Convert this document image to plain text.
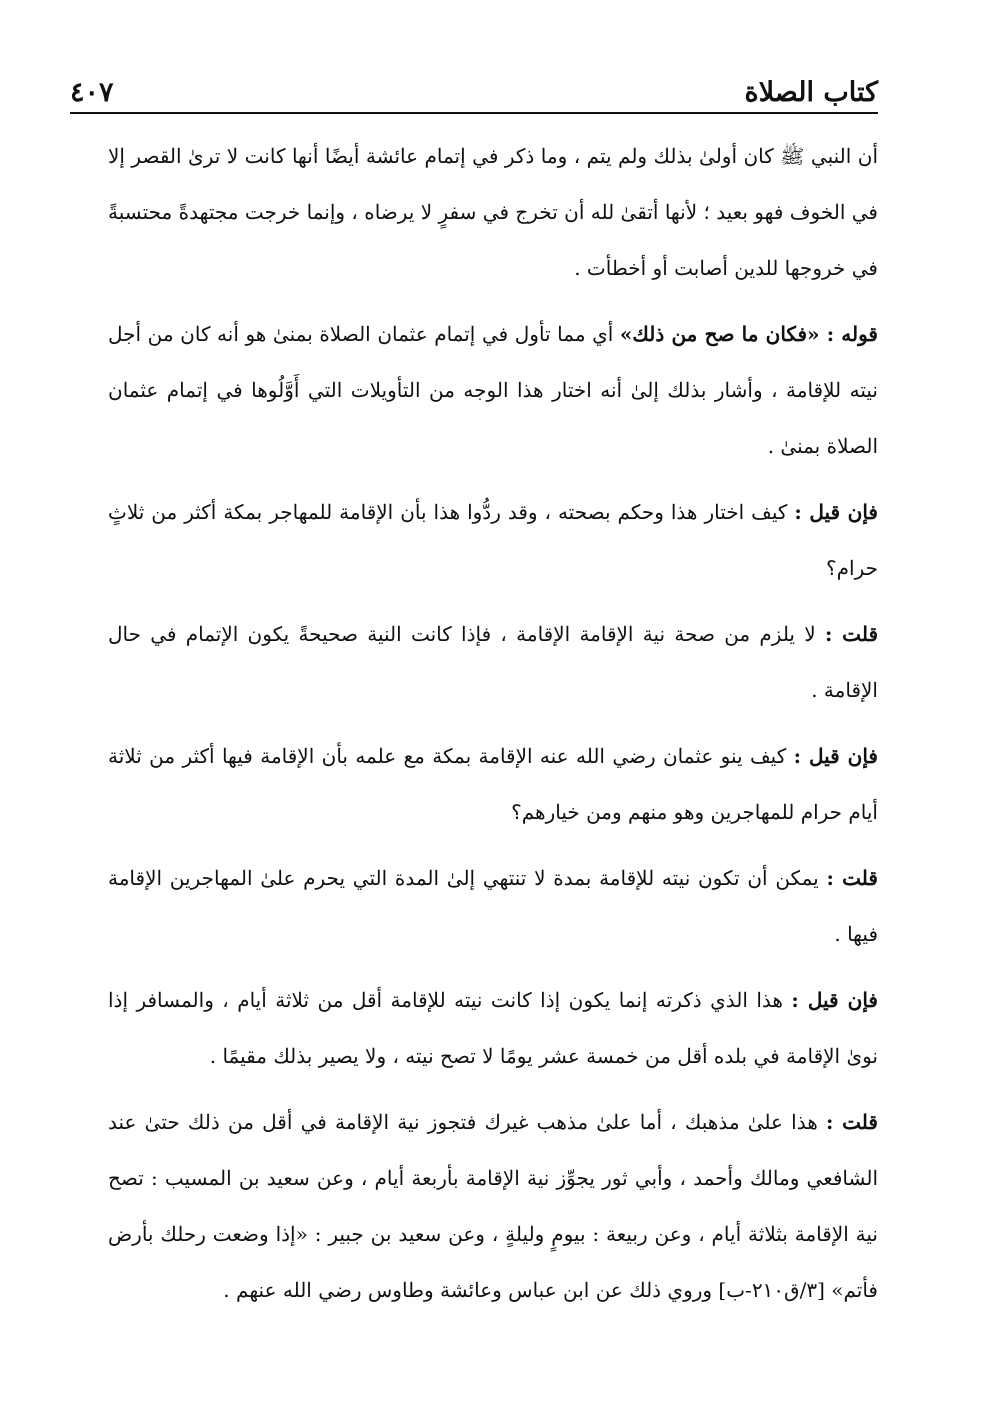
كتاب الصلاة
٤٠٧

أن النبي ﷺ كان أولىٰ بذلك ولم يتم ، وما ذكر في إتمام عائشة أيضًا أنها كانت لا ترىٰ القصر إلا في الخوف فهو بعيد ؛ لأنها أتقىٰ لله أن تخرج في سفرٍ لا يرضاه ، وإنما خرجت مجتهدةً محتسبةً في خروجها للدين أصابت أو أخطأت .

قوله : «فكان ما صح من ذلك» أي مما تأول في إتمام عثمان الصلاة بمنىٰ هو أنه كان من أجل نيته للإقامة ، وأشار بذلك إلىٰ أنه اختار هذا الوجه من التأويلات التي أَوَّلُوها في إتمام عثمان الصلاة بمنىٰ .

فإن قيل : كيف اختار هذا وحكم بصحته ، وقد ردُّوا هذا بأن الإقامة للمهاجر بمكة أكثر من ثلاثٍ حرام؟

قلت : لا يلزم من صحة نية الإقامة الإقامة ، فإذا كانت النية صحيحةً يكون الإتمام في حال الإقامة .

فإن قيل : كيف ينو عثمان رضي الله عنه الإقامة بمكة مع علمه بأن الإقامة فيها أكثر من ثلاثة أيام حرام للمهاجرين وهو منهم ومن خيارهم؟

قلت : يمكن أن تكون نيته للإقامة بمدة لا تنتهي إلىٰ المدة التي يحرم علىٰ المهاجرين الإقامة فيها .

فإن قيل : هذا الذي ذكرته إنما يكون إذا كانت نيته للإقامة أقل من ثلاثة أيام ، والمسافر إذا نوىٰ الإقامة في بلده أقل من خمسة عشر يومًا لا تصح نيته ، ولا يصير بذلك مقيمًا .

قلت : هذا علىٰ مذهبك ، أما علىٰ مذهب غيرك فتجوز نية الإقامة في أقل من ذلك حتىٰ عند الشافعي ومالك وأحمد ، وأبي ثور يجوِّز نية الإقامة بأربعة أيام ، وعن سعيد بن المسيب : تصح نية الإقامة بثلاثة أيام ، وعن ربيعة : بيومٍ وليلةٍ ، وعن سعيد بن جبير : «إذا وضعت رحلك بأرض فأتم» [٣/ق٢١٠-ب] وروي ذلك عن ابن عباس وعائشة وطاوس رضي الله عنهم .
